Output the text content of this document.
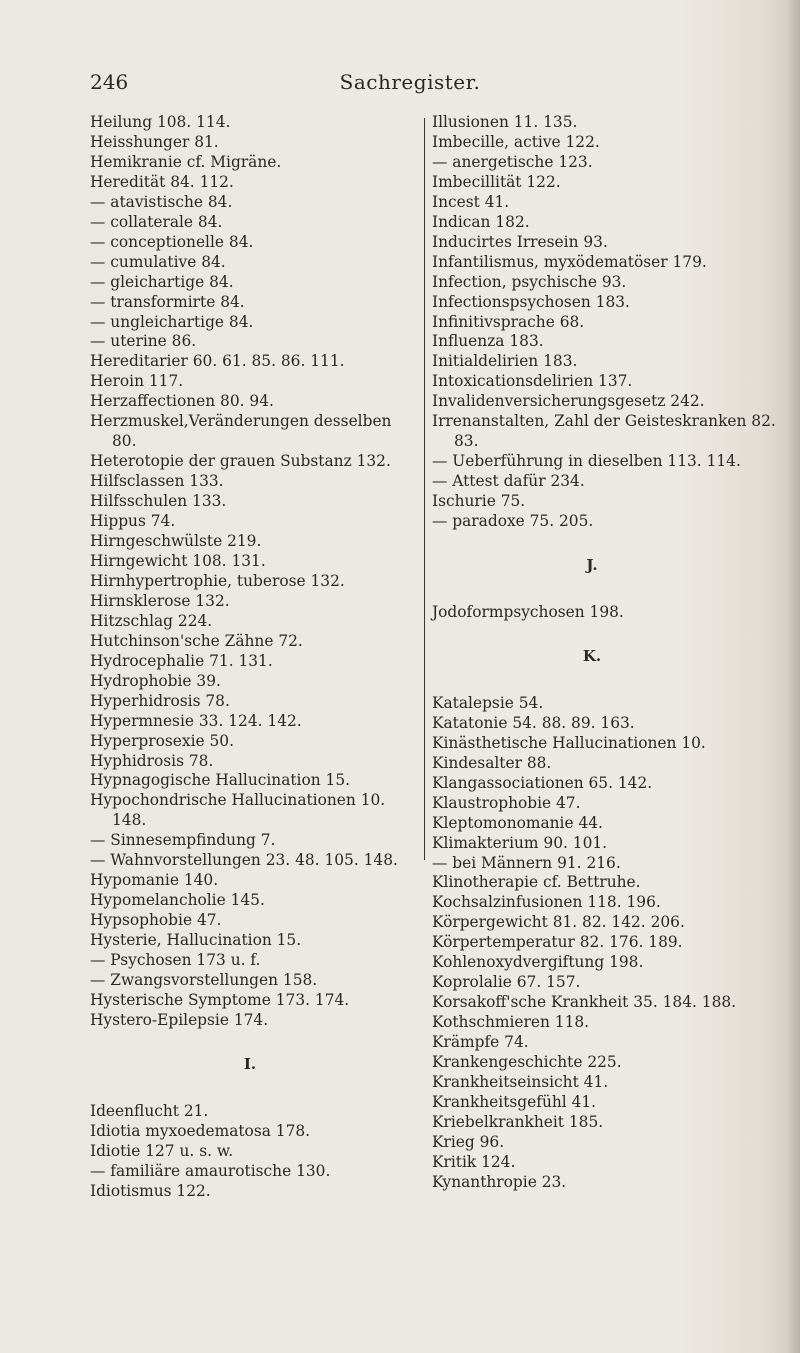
Sachregister.
246
Heilung 108. 114.
Heisshunger 81.
Hemikranie cf. Migräne.
Heredität 84. 112.
— atavistische 84.
— collaterale 84.
— conceptionelle 84.
— cumulative 84.
— gleichartige 84.
— transformirte 84.
— ungleichartige 84.
— uterine 86.
Hereditarier 60. 61. 85. 86. 111.
Heroin 117.
Herzaffectionen 80. 94.
Herzmuskel,Veränderungen desselben 80.
Heterotopie der grauen Substanz 132.
Hilfsclassen 133.
Hilfsschulen 133.
Hippus 74.
Hirngeschwülste 219.
Hirngewicht 108. 131.
Hirnhypertrophie, tuberose 132.
Hirnsklerose 132.
Hitzschlag 224.
Hutchinson'sche Zähne 72.
Hydrocephalie 71. 131.
Hydrophobie 39.
Hyperhidrosis 78.
Hypermnesie 33. 124. 142.
Hyperprosexie 50.
Hyphidrosis 78.
Hypnagogische Hallucination 15.
Hypochondrische Hallucinationen 10. 148.
— Sinnesempfindung 7.
— Wahnvorstellungen 23. 48. 105. 148.
Hypomanie 140.
Hypomelancholie 145.
Hypsophobie 47.
Hysterie, Hallucination 15.
— Psychosen 173 u. f.
— Zwangsvorstellungen 158.
Hysterische Symptome 173. 174.
Hystero-Epilepsie 174.
I.
Ideenflucht 21.
Idiotia myxoedematosa 178.
Idiotie 127 u. s. w.
— familiäre amaurotische 130.
Idiotismus 122.
Illusionen 11. 135.
Imbecille, active 122.
— anergetische 123.
Imbecillität 122.
Incest 41.
Indican 182.
Inducirtes Irresein 93.
Infantilismus, myxödematöser 179.
Infection, psychische 93.
Infectionspsychosen 183.
Infinitivsprache 68.
Influenza 183.
Initialdelirien 183.
Intoxicationsdelirien 137.
Invalidenversicherungsgesetz 242.
Irrenanstalten, Zahl der Geisteskranken 82. 83.
— Ueberführung in dieselben 113. 114.
— Attest dafür 234.
Ischurie 75.
— paradoxe 75. 205.
J.
Jodoformpsychosen 198.
K.
Katalepsie 54.
Katatonie 54. 88. 89. 163.
Kinästhetische Hallucinationen 10.
Kindesalter 88.
Klangassociationen 65. 142.
Klaustrophobie 47.
Kleptomonomanie 44.
Klimakterium 90. 101.
— bei Männern 91. 216.
Klinotherapie cf. Bettruhe.
Kochsalzinfusionen 118. 196.
Körpergewicht 81. 82. 142. 206.
Körpertemperatur 82. 176. 189.
Kohlenoxydvergiftung 198.
Koprolalie 67. 157.
Korsakoff'sche Krankheit 35. 184. 188.
Kothschmieren 118.
Krämpfe 74.
Krankengeschichte 225.
Krankheitseinsicht 41.
Krankheitsgefühl 41.
Kriebelkrankheit 185.
Krieg 96.
Kritik 124.
Kynanthropie 23.
